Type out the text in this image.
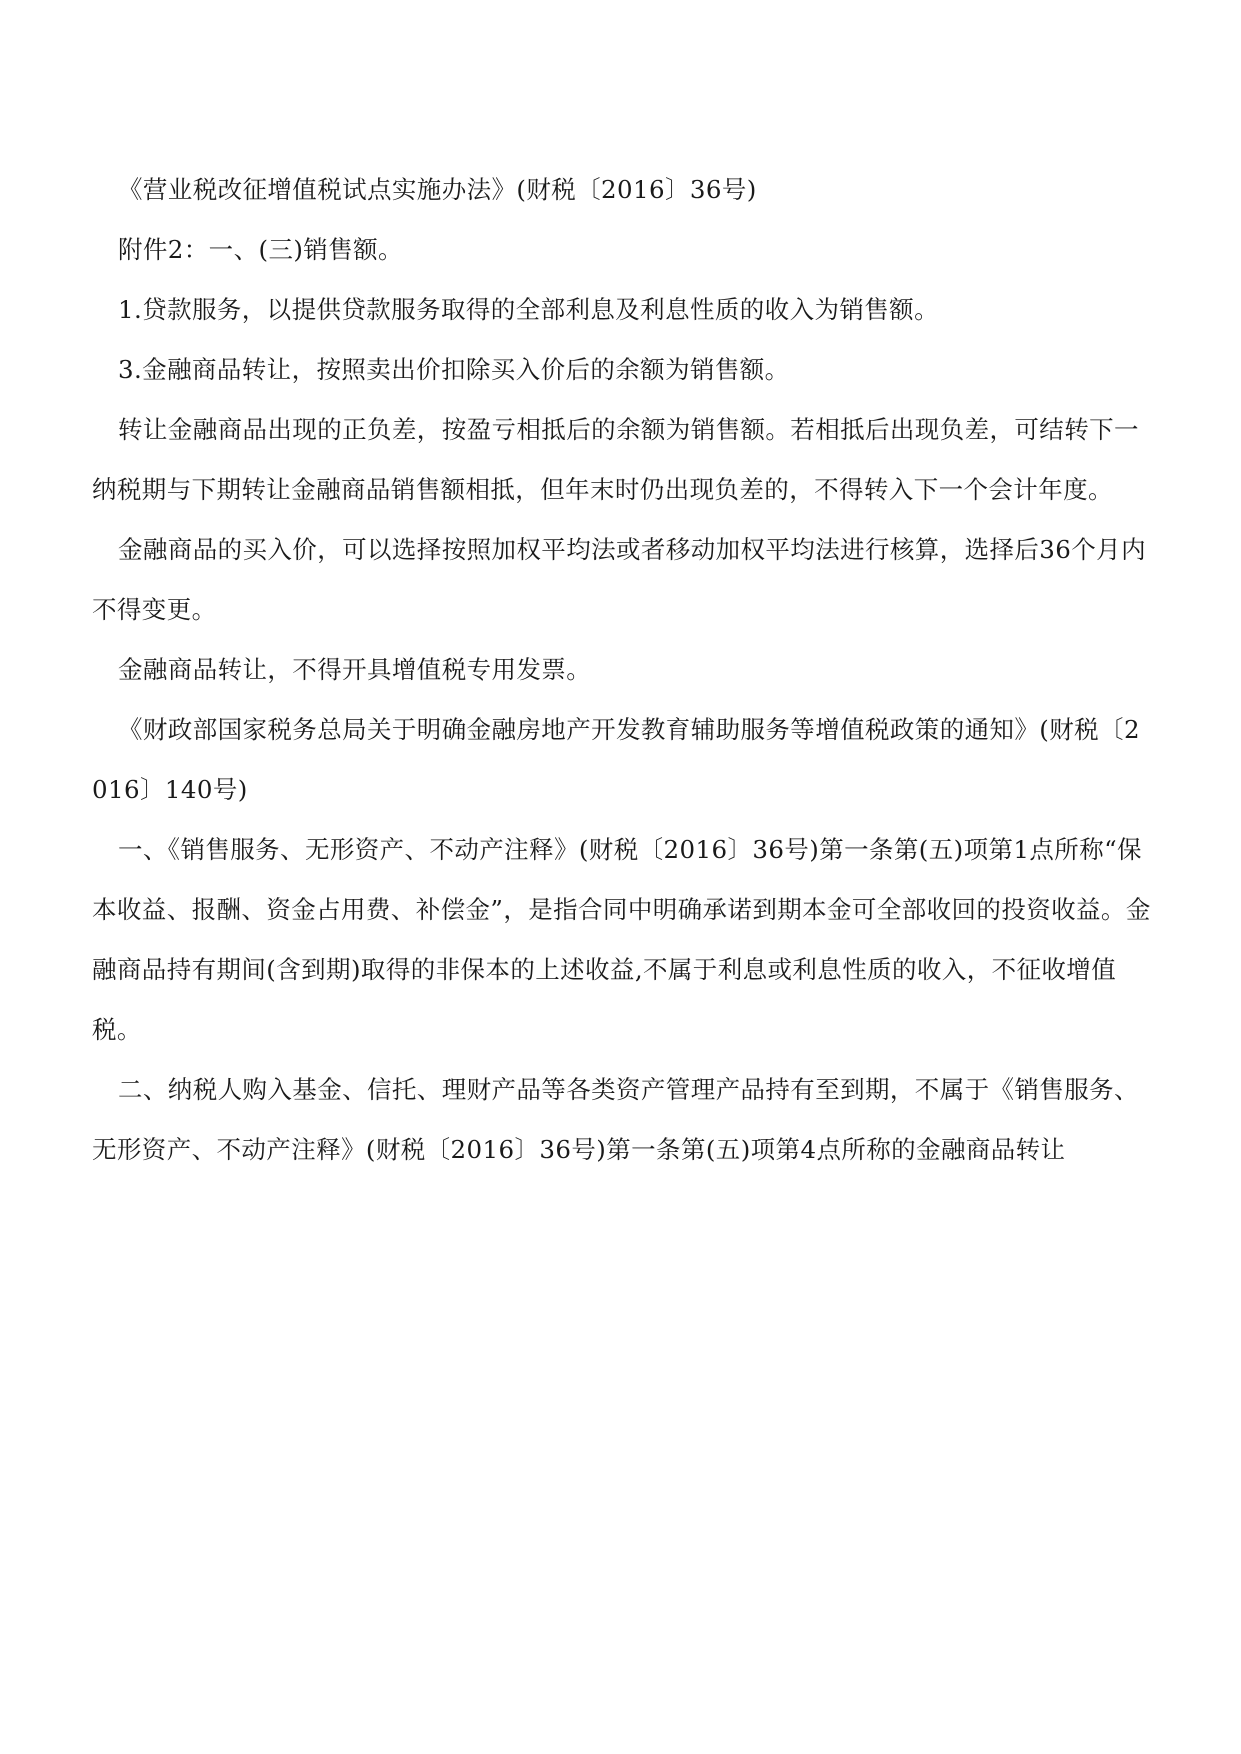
《营业税改征增值税试点实施办法》(财税〔2016〕36号)

附件2：一、(三)销售额。

1.贷款服务，以提供贷款服务取得的全部利息及利息性质的收入为销售额。

3.金融商品转让，按照卖出价扣除买入价后的余额为销售额。

转让金融商品出现的正负差，按盈亏相抵后的余额为销售额。若相抵后出现负差，可结转下一纳税期与下期转让金融商品销售额相抵，但年末时仍出现负差的，不得转入下一个会计年度。

金融商品的买入价，可以选择按照加权平均法或者移动加权平均法进行核算，选择后36个月内不得变更。

金融商品转让，不得开具增值税专用发票。

《财政部国家税务总局关于明确金融房地产开发教育辅助服务等增值税政策的通知》(财税〔2016〕140号)

一、《销售服务、无形资产、不动产注释》(财税〔2016〕36号)第一条第(五)项第1点所称“保本收益、报酬、资金占用费、补偿金”，是指合同中明确承诺到期本金可全部收回的投资收益。金融商品持有期间(含到期)取得的非保本的上述收益,不属于利息或利息性质的收入，不征收增值税。

二、纳税人购入基金、信托、理财产品等各类资产管理产品持有至到期，不属于《销售服务、无形资产、不动产注释》(财税〔2016〕36号)第一条第(五)项第4点所称的金融商品转让
